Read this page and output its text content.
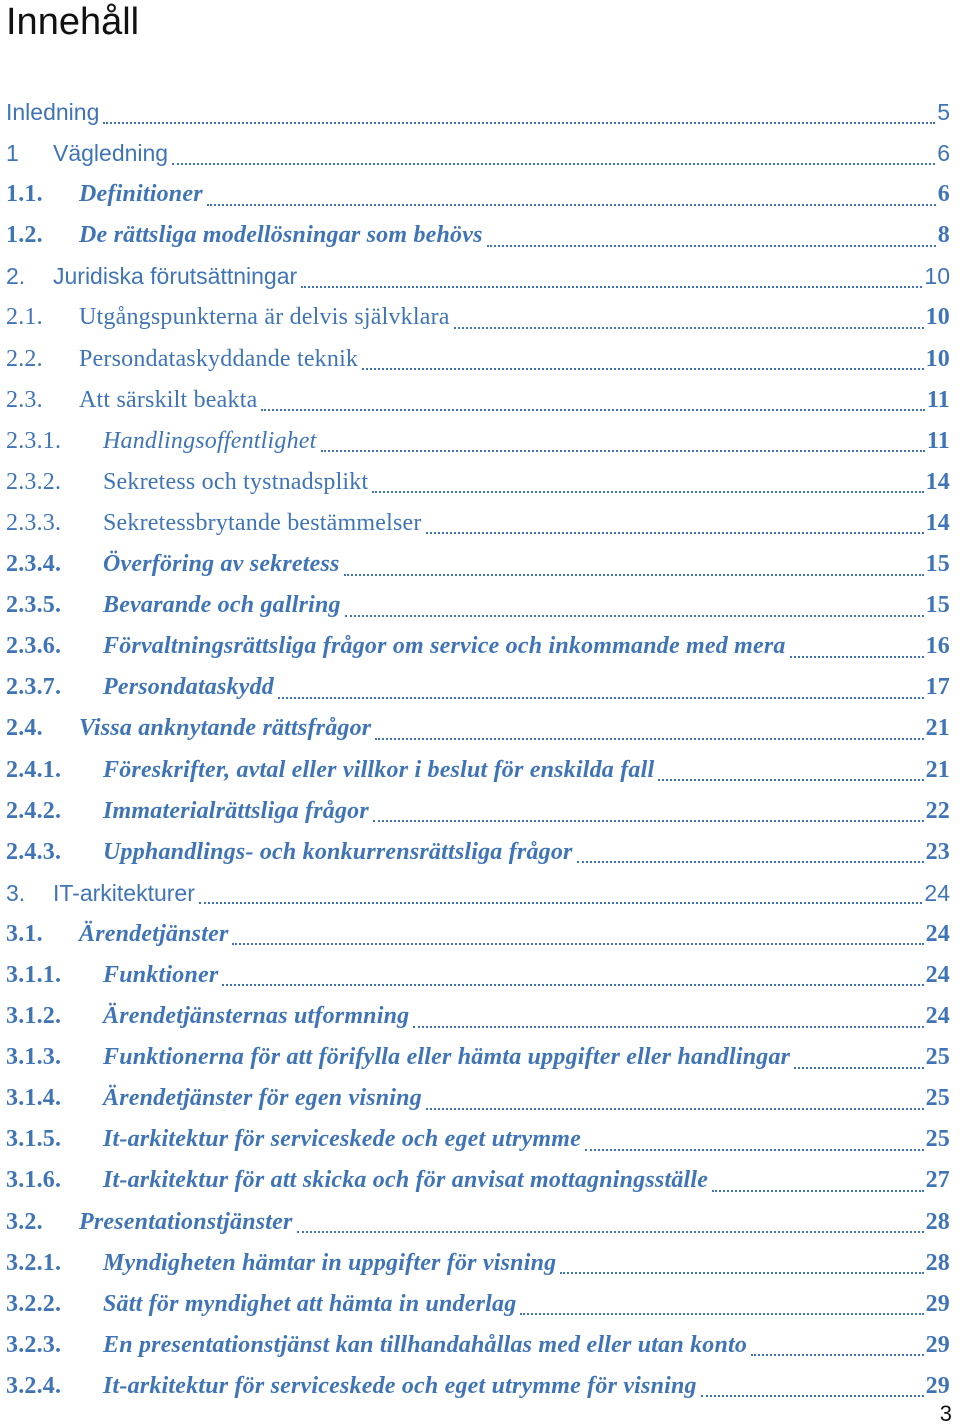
Innehåll
Inledning	5
1 Vägledning	6
1.1. Definitioner	6
1.2. De rättsliga modellösningar som behövs	8
2. Juridiska förutsättningar	10
2.1. Utgångspunkterna är delvis självklara	10
2.2. Persondataskyddande teknik	10
2.3. Att särskilt beakta	11
2.3.1. Handlingsoffentlighet	11
2.3.2. Sekretess och tystnadsplikt	14
2.3.3. Sekretessbrytande bestämmelser	14
2.3.4. Överföring av sekretess	15
2.3.5. Bevarande och gallring	15
2.3.6. Förvaltningsrättsliga frågor om service och inkommande med mera	16
2.3.7. Persondataskydd	17
2.4. Vissa anknytande rättsfrågor	21
2.4.1. Föreskrifter, avtal eller villkor i beslut för enskilda fall	21
2.4.2. Immaterialrättsliga frågor	22
2.4.3. Upphandlings- och konkurrensrättsliga frågor	23
3. IT-arkitekturer	24
3.1. Ärendetjänster	24
3.1.1. Funktioner	24
3.1.2. Ärendetjänsternas utformning	24
3.1.3. Funktionerna för att förifylla eller hämta uppgifter eller handlingar	25
3.1.4. Ärendetjänster för egen visning	25
3.1.5. It-arkitektur för serviceskede och eget utrymme	25
3.1.6. It-arkitektur för att skicka och för anvisat mottagningsställe	27
3.2. Presentationstjänster	28
3.2.1. Myndigheten hämtar in uppgifter för visning	28
3.2.2. Sätt för myndighet att hämta in underlag	29
3.2.3. En presentationstjänst kan tillhandahållas med eller utan konto	29
3.2.4. It-arkitektur för serviceskede och eget utrymme för visning	29
3
